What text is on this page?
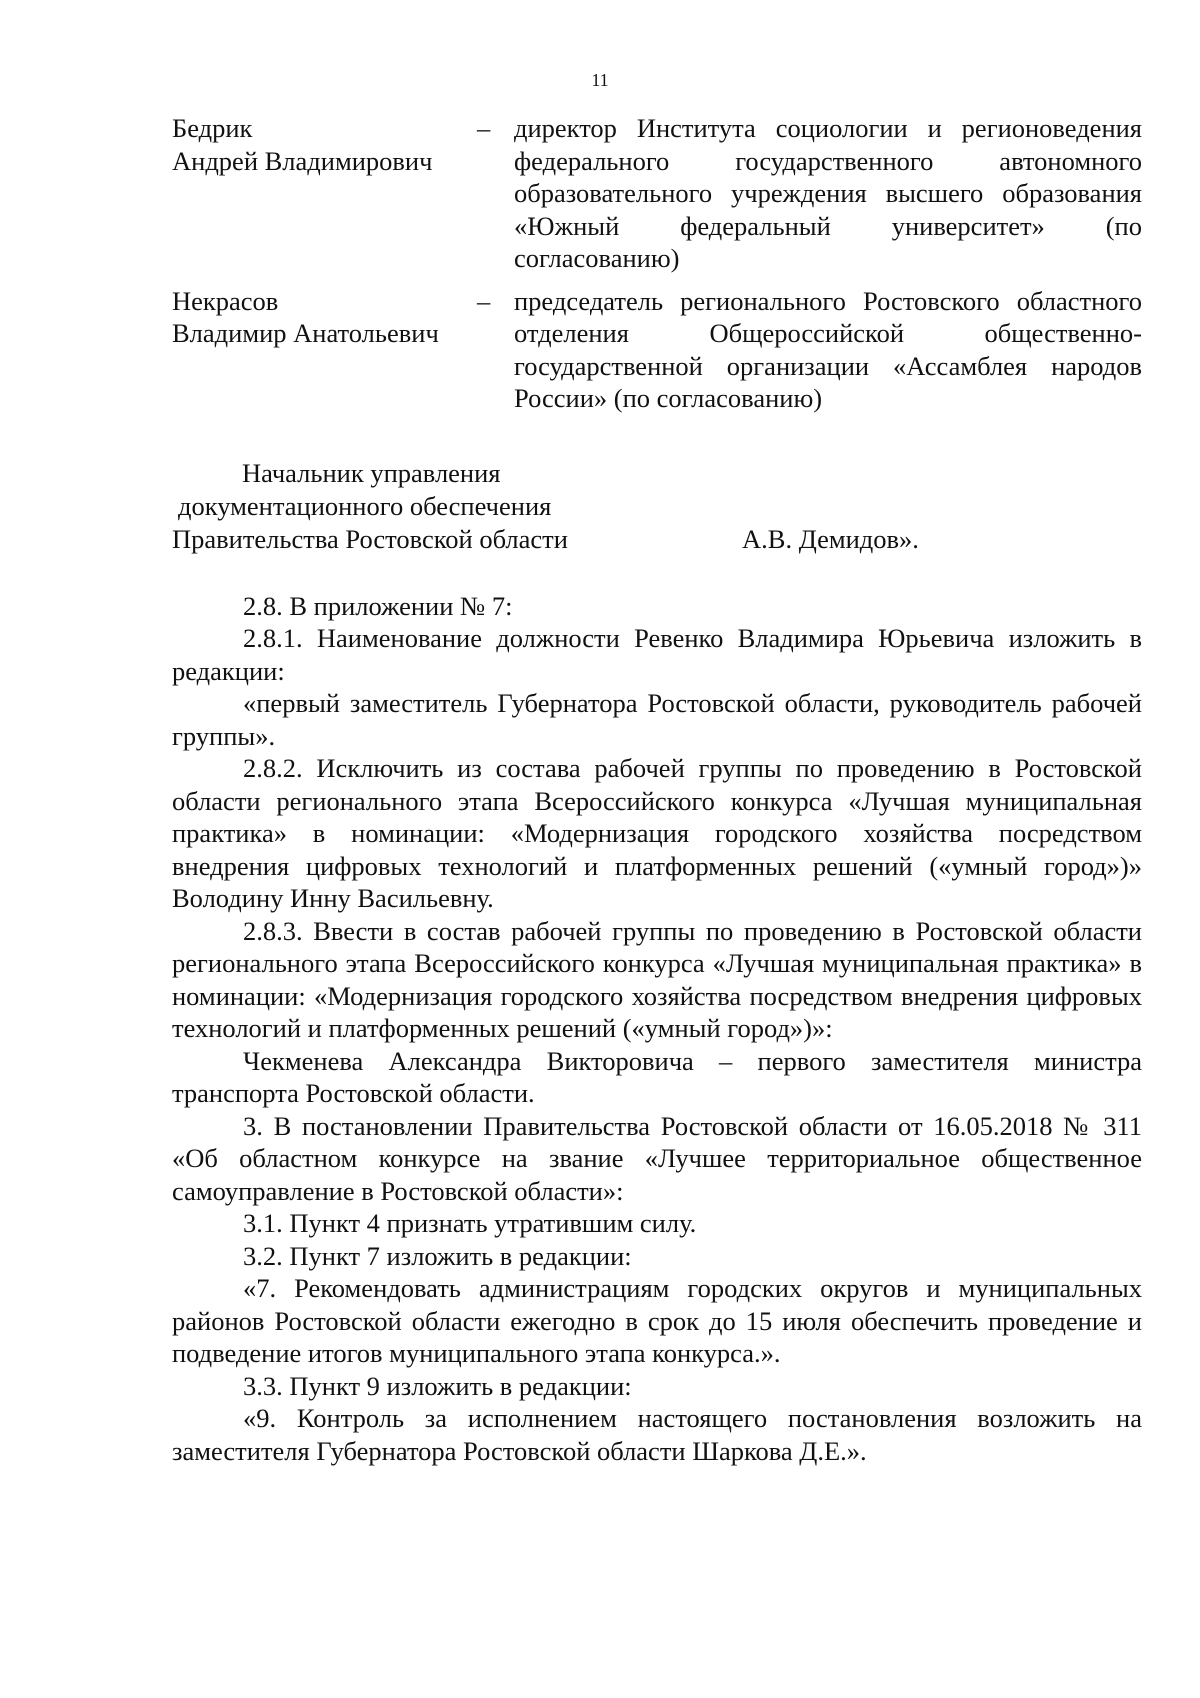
11
Бедрик
Андрей Владимирович
– директор Института социологии и регионоведения федерального государственного автономного образовательного учреждения высшего образования «Южный федеральный университет» (по согласованию)
Некрасов
Владимир Анатольевич
– председатель регионального Ростовского областного отделения Общероссийской общественно-государственной организации «Ассамблея народов России» (по согласованию)
Начальник управления
документационного обеспечения
Правительства Ростовской области	А.В. Демидов».

2.8. В приложении № 7:

2.8.1. Наименование должности Ревенко Владимира Юрьевича изложить в редакции:

«первый заместитель Губернатора Ростовской области, руководитель рабочей группы».

2.8.2. Исключить из состава рабочей группы по проведению в Ростовской области регионального этапа Всероссийского конкурса «Лучшая муниципальная практика» в номинации: «Модернизация городского хозяйства посредством внедрения цифровых технологий и платформенных решений («умный город»)» Володину Инну Васильевну.

2.8.3. Ввести в состав рабочей группы по проведению в Ростовской области регионального этапа Всероссийского конкурса «Лучшая муниципальная практика» в номинации: «Модернизация городского хозяйства посредством внедрения цифровых технологий и платформенных решений («умный город»)»:

Чекменева Александра Викторовича – первого заместителя министра транспорта Ростовской области.

3. В постановлении Правительства Ростовской области от 16.05.2018 № 311 «Об областном конкурсе на звание «Лучшее территориальное общественное самоуправление в Ростовской области»:

3.1. Пункт 4 признать утратившим силу.

3.2. Пункт 7 изложить в редакции:

«7. Рекомендовать администрациям городских округов и муниципальных районов Ростовской области ежегодно в срок до 15 июля обеспечить проведение и подведение итогов муниципального этапа конкурса.».

3.3. Пункт 9 изложить в редакции:

«9. Контроль за исполнением настоящего постановления возложить на заместителя Губернатора Ростовской области Шаркова Д.Е.».
